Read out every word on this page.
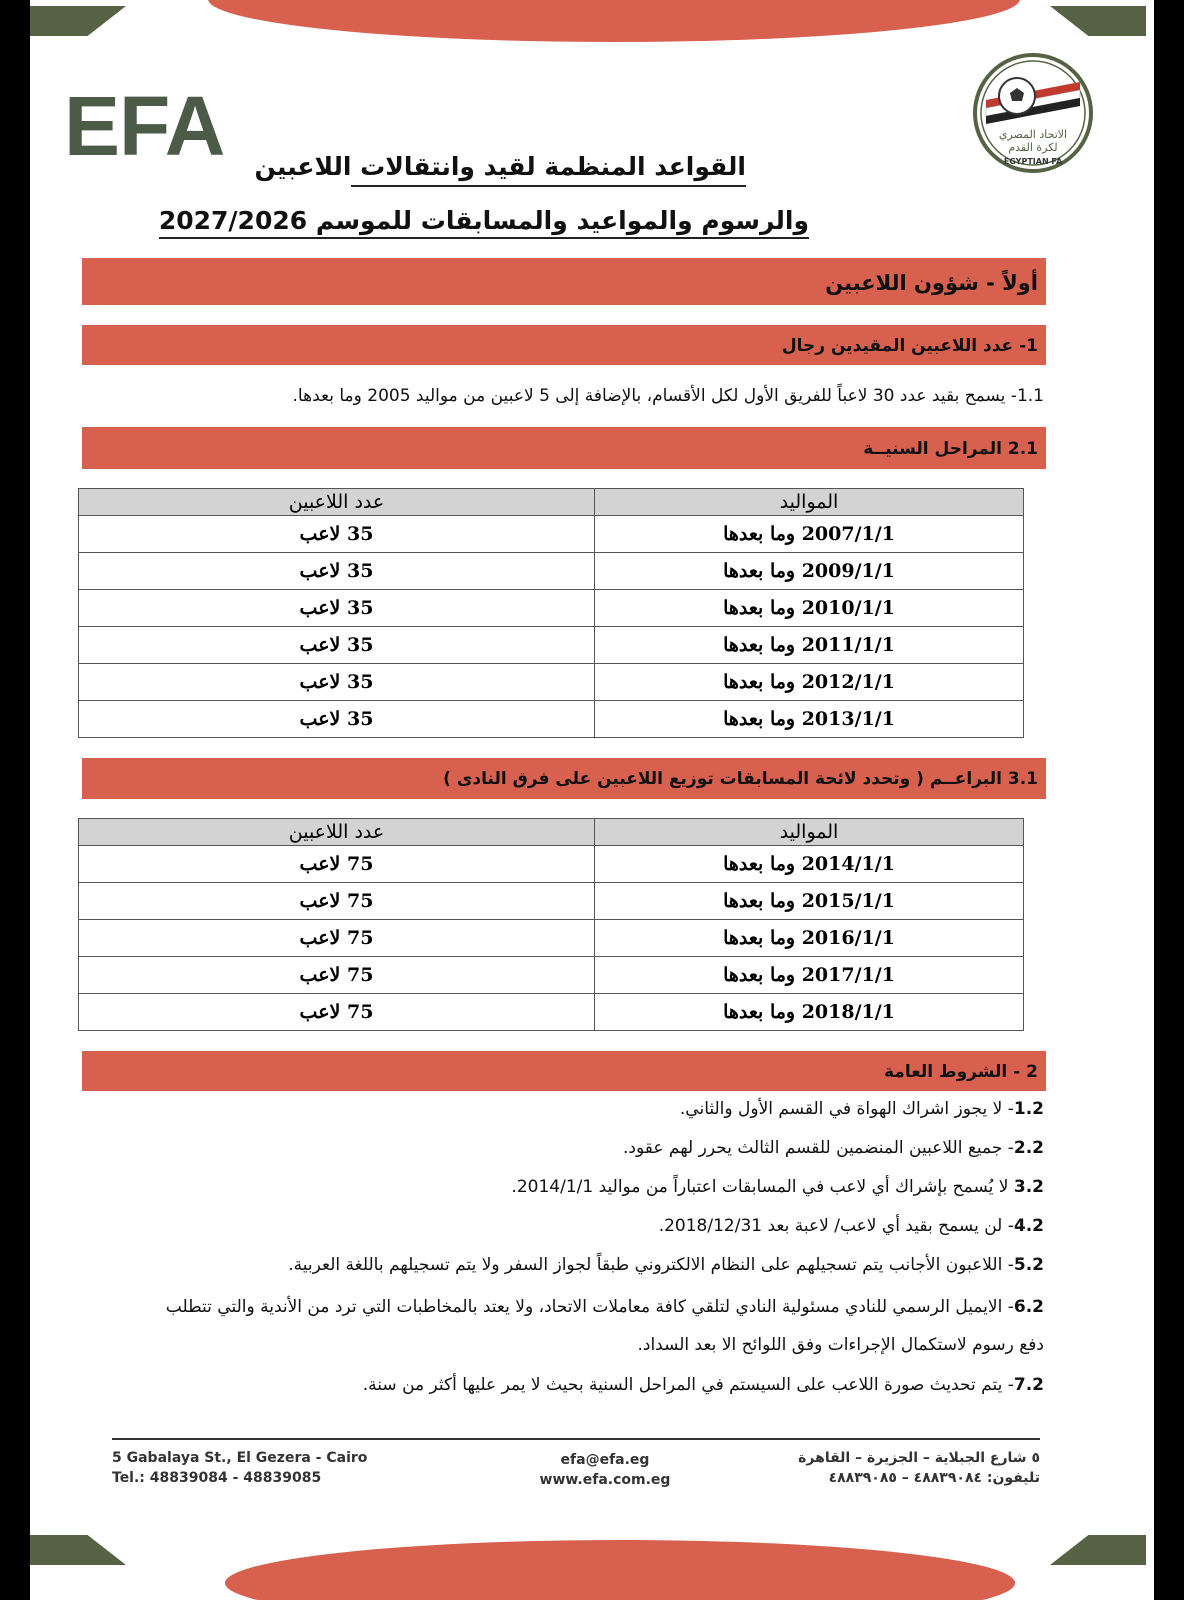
EFA	الاتحاد المصري
لكرة القدم
EGYPTIAN FA
القواعد المنظمة لقيد وانتقالات اللاعبين
والرسوم والمواعيد والمسابقات للموسم 2027/2026
أولاً - شؤون اللاعبين
1- عدد اللاعبين المقيدين رجال
1.1- يسمح بقيد عدد 30 لاعباً للفريق الأول لكل الأقسام، بالإضافة إلى 5 لاعبين من مواليد 2005 وما بعدها.
2.1 المراحل السنيــة
المواليد	عدد اللاعبين
2007/1/1 وما بعدها	35 لاعب
2009/1/1 وما بعدها	35 لاعب
2010/1/1 وما بعدها	35 لاعب
2011/1/1 وما بعدها	35 لاعب
2012/1/1 وما بعدها	35 لاعب
2013/1/1 وما بعدها	35 لاعب
3.1 البراعــم ( وتحدد لائحة المسابقات توزيع اللاعبين على فرق النادى )
المواليد	عدد اللاعبين
2014/1/1 وما بعدها	75 لاعب
2015/1/1 وما بعدها	75 لاعب
2016/1/1 وما بعدها	75 لاعب
2017/1/1 وما بعدها	75 لاعب
2018/1/1 وما بعدها	75 لاعب
2 - الشروط العامة
1.2- لا يجوز اشراك الهواة في القسم الأول والثاني.
2.2- جميع اللاعبين المنضمين للقسم الثالث يحرر لهم عقود.
3.2 لا يُسمح بإشراك أي لاعب في المسابقات اعتباراً من مواليد 2014/1/1.
4.2- لن يسمح بقيد أي لاعب/ لاعبة بعد 2018/12/31.
5.2- اللاعبون الأجانب يتم تسجيلهم على النظام الالكتروني طبقاً لجواز السفر ولا يتم تسجيلهم باللغة العربية.
6.2- الايميل الرسمي للنادي مسئولية النادي لتلقي كافة معاملات الاتحاد، ولا يعتد بالمخاطبات التي ترد من الأندية والتي تتطلب دفع رسوم لاستكمال الإجراءات وفق اللوائح الا بعد السداد.
7.2- يتم تحديث صورة اللاعب على السيستم في المراحل السنية بحيث لا يمر عليها أكثر من سنة.
5 Gabalaya St., El Gezera - Cairo
Tel.: 48839084 - 48839085
efa@efa.eg
www.efa.com.eg
٥ شارع الجبلاية – الجزيرة – القاهرة
تليفون: ٤٨٨٣٩٠٨٤ – ٤٨٨٣٩٠٨٥
